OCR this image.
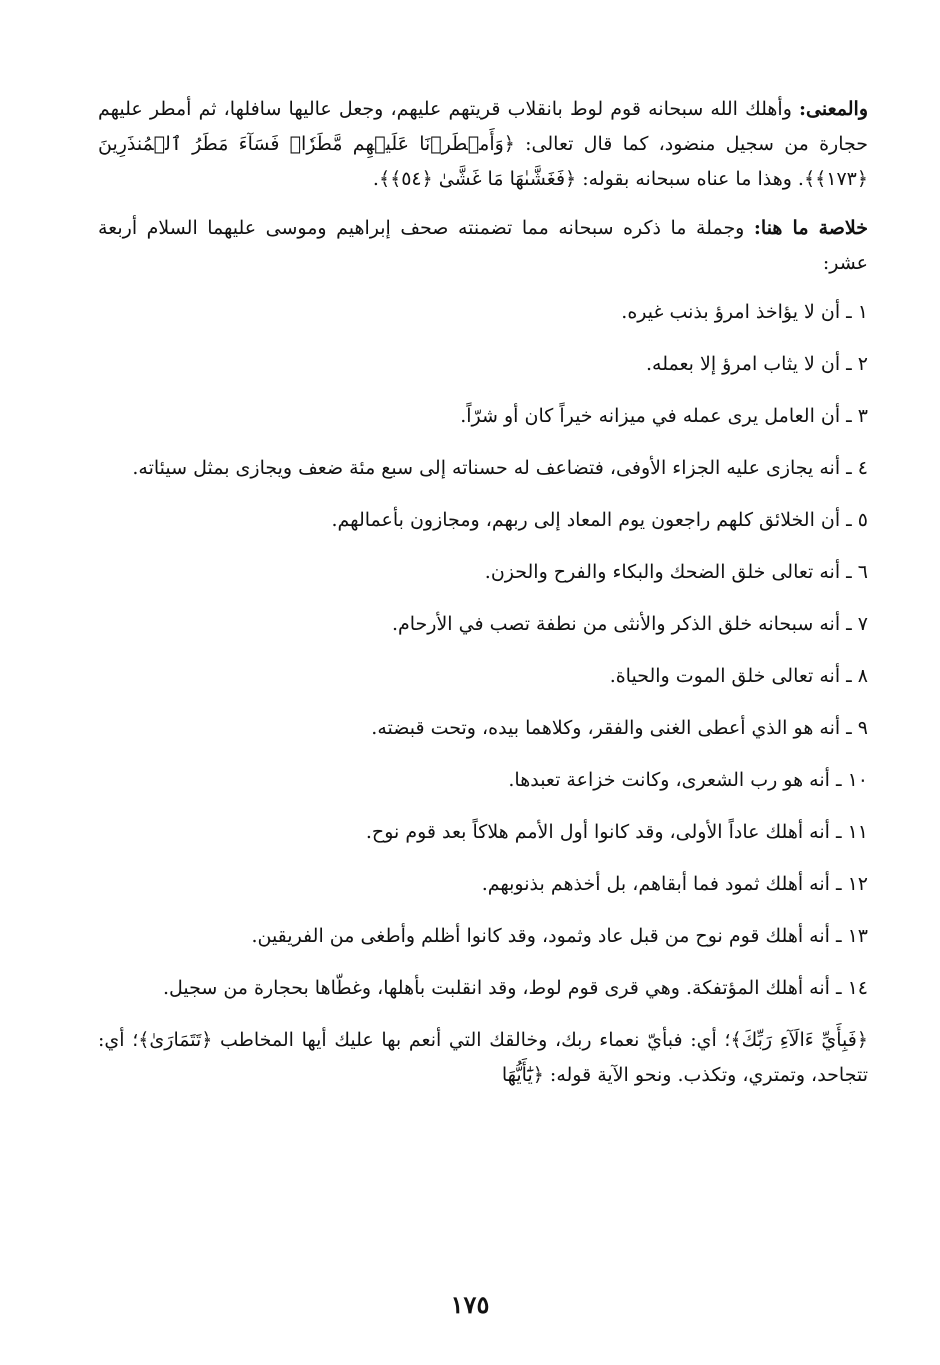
والمعنى: وأهلك الله سبحانه قوم لوط بانقلاب قريتهم عليهم، وجعل عاليها سافلها، ثم أمطر عليهم حجارة من سجيل منضود، كما قال تعالى: ﴿وَأَمۡطَرۡنَا عَلَيۡهِم مَّطَرٗاۖ فَسَآءَ مَطَرُ ٱلۡمُنذَرِينَ ﴿١٧٣﴾﴾. وهذا ما عناه سبحانه بقوله: ﴿فَغَشَّىٰهَا مَا غَشَّىٰ ﴿٥٤﴾﴾.

خلاصة ما هنا: وجملة ما ذكره سبحانه مما تضمنته صحف إبراهيم وموسى عليهما السلام أربعة عشر:

١ ـ أن لا يؤاخذ امرؤ بذنب غيره.

٢ ـ أن لا يثاب امرؤ إلا بعمله.

٣ ـ أن العامل يرى عمله في ميزانه خيراً كان أو شرّاً.

٤ ـ أنه يجازى عليه الجزاء الأوفى، فتضاعف له حسناته إلى سبع مئة ضعف ويجازى بمثل سيئاته.

٥ ـ أن الخلائق كلهم راجعون يوم المعاد إلى ربهم، ومجازون بأعمالهم.

٦ ـ أنه تعالى خلق الضحك والبكاء والفرح والحزن.

٧ ـ أنه سبحانه خلق الذكر والأنثى من نطفة تصب في الأرحام.

٨ ـ أنه تعالى خلق الموت والحياة.

٩ ـ أنه هو الذي أعطى الغنى والفقر، وكلاهما بيده، وتحت قبضته.

١٠ ـ أنه هو رب الشعرى، وكانت خزاعة تعبدها.

١١ ـ أنه أهلك عاداً الأولى، وقد كانوا أول الأمم هلاكاً بعد قوم نوح.

١٢ ـ أنه أهلك ثمود فما أبقاهم، بل أخذهم بذنوبهم.

١٣ ـ أنه أهلك قوم نوح من قبل عاد وثمود، وقد كانوا أظلم وأطغى من الفريقين.

١٤ ـ أنه أهلك المؤتفكة. وهي قرى قوم لوط، وقد انقلبت بأهلها، وغطّاها بحجارة من سجيل.

﴿فَبِأَيِّ ءَالَآءِ رَبِّكَ﴾؛ أي: فبأيّ نعماء ربك، وخالقك التي أنعم بها عليك أيها المخاطب ﴿تَتَمَارَىٰ﴾؛ أي: تتجاحد، وتمتري، وتكذب. ونحو الآية قوله: ﴿يَٰٓأَيُّهَا

١٧٥
